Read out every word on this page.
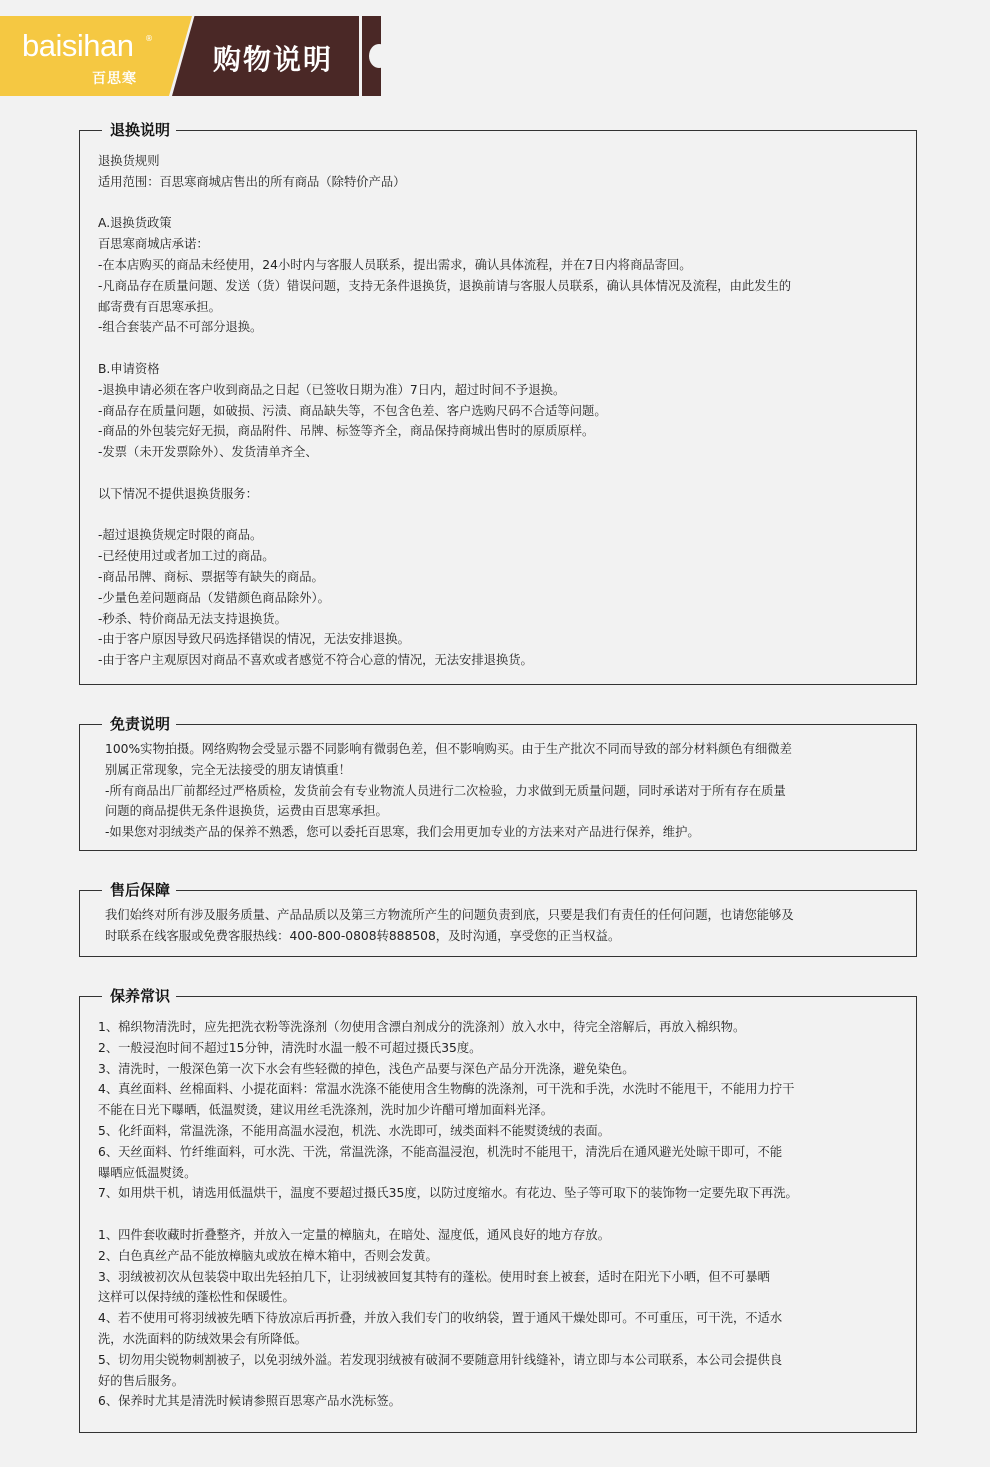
baisihan ®
百思寒
购物说明
退换说明
退换货规则
适用范围：百思寒商城店售出的所有商品（除特价产品）
A.退换货政策
百思寒商城店承诺：
-在本店购买的商品未经使用，24小时内与客服人员联系，提出需求，确认具体流程，并在7日内将商品寄回。
-凡商品存在质量问题、发送（货）错误问题，支持无条件退换货，退换前请与客服人员联系，确认具体情况及流程，由此发生的
邮寄费有百思寒承担。
-组合套装产品不可部分退换。
B.申请资格
-退换申请必须在客户收到商品之日起（已签收日期为准）7日内，超过时间不予退换。
-商品存在质量问题，如破损、污渍、商品缺失等，不包含色差、客户选购尺码不合适等问题。
-商品的外包装完好无损，商品附件、吊牌、标签等齐全，商品保持商城出售时的原质原样。
-发票（未开发票除外）、发货清单齐全、
以下情况不提供退换货服务：
-超过退换货规定时限的商品。
-已经使用过或者加工过的商品。
-商品吊牌、商标、票据等有缺失的商品。
-少量色差问题商品（发错颜色商品除外）。
-秒杀、特价商品无法支持退换货。
-由于客户原因导致尺码选择错误的情况，无法安排退换。
-由于客户主观原因对商品不喜欢或者感觉不符合心意的情况，无法安排退换货。
免责说明
100%实物拍摄。网络购物会受显示器不同影响有微弱色差，但不影响购买。由于生产批次不同而导致的部分材料颜色有细微差
别属正常现象，完全无法接受的朋友请慎重！
-所有商品出厂前都经过严格质检，发货前会有专业物流人员进行二次检验，力求做到无质量问题，同时承诺对于所有存在质量
问题的商品提供无条件退换货，运费由百思寒承担。
-如果您对羽绒类产品的保养不熟悉，您可以委托百思寒，我们会用更加专业的方法来对产品进行保养，维护。
售后保障
我们始终对所有涉及服务质量、产品品质以及第三方物流所产生的问题负责到底，只要是我们有责任的任何问题，也请您能够及
时联系在线客服或免费客服热线：400-800-0808转888508，及时沟通，享受您的正当权益。
保养常识
1、棉织物清洗时，应先把洗衣粉等洗涤剂（勿使用含漂白剂成分的洗涤剂）放入水中，待完全溶解后，再放入棉织物。
2、一般浸泡时间不超过15分钟，清洗时水温一般不可超过摄氏35度。
3、清洗时，一般深色第一次下水会有些轻微的掉色，浅色产品要与深色产品分开洗涤，避免染色。
4、真丝面料、丝棉面料、小提花面料：常温水洗涤不能使用含生物酶的洗涤剂，可干洗和手洗，水洗时不能甩干，不能用力拧干
不能在日光下曝晒，低温熨烫，建议用丝毛洗涤剂，洗时加少许醋可增加面料光泽。
5、化纤面料，常温洗涤，不能用高温水浸泡，机洗、水洗即可，绒类面料不能熨烫绒的表面。
6、天丝面料、竹纤维面料，可水洗、干洗，常温洗涤，不能高温浸泡，机洗时不能甩干，清洗后在通风避光处晾干即可，不能
曝晒应低温熨烫。
7、如用烘干机，请选用低温烘干，温度不要超过摄氏35度，以防过度缩水。有花边、坠子等可取下的装饰物一定要先取下再洗。
1、四件套收藏时折叠整齐，并放入一定量的樟脑丸，在暗处、湿度低，通风良好的地方存放。
2、白色真丝产品不能放樟脑丸或放在樟木箱中，否则会发黄。
3、羽绒被初次从包装袋中取出先轻拍几下，让羽绒被回复其特有的蓬松。使用时套上被套，适时在阳光下小晒，但不可暴晒
这样可以保持绒的蓬松性和保暖性。
4、若不使用可将羽绒被先晒下待放凉后再折叠，并放入我们专门的收纳袋，置于通风干燥处即可。不可重压，可干洗，不适水
洗，水洗面料的防绒效果会有所降低。
5、切勿用尖锐物刺割被子，以免羽绒外溢。若发现羽绒被有破洞不要随意用针线缝补，请立即与本公司联系，本公司会提供良
好的售后服务。
6、保养时尤其是清洗时候请参照百思寒产品水洗标签。
